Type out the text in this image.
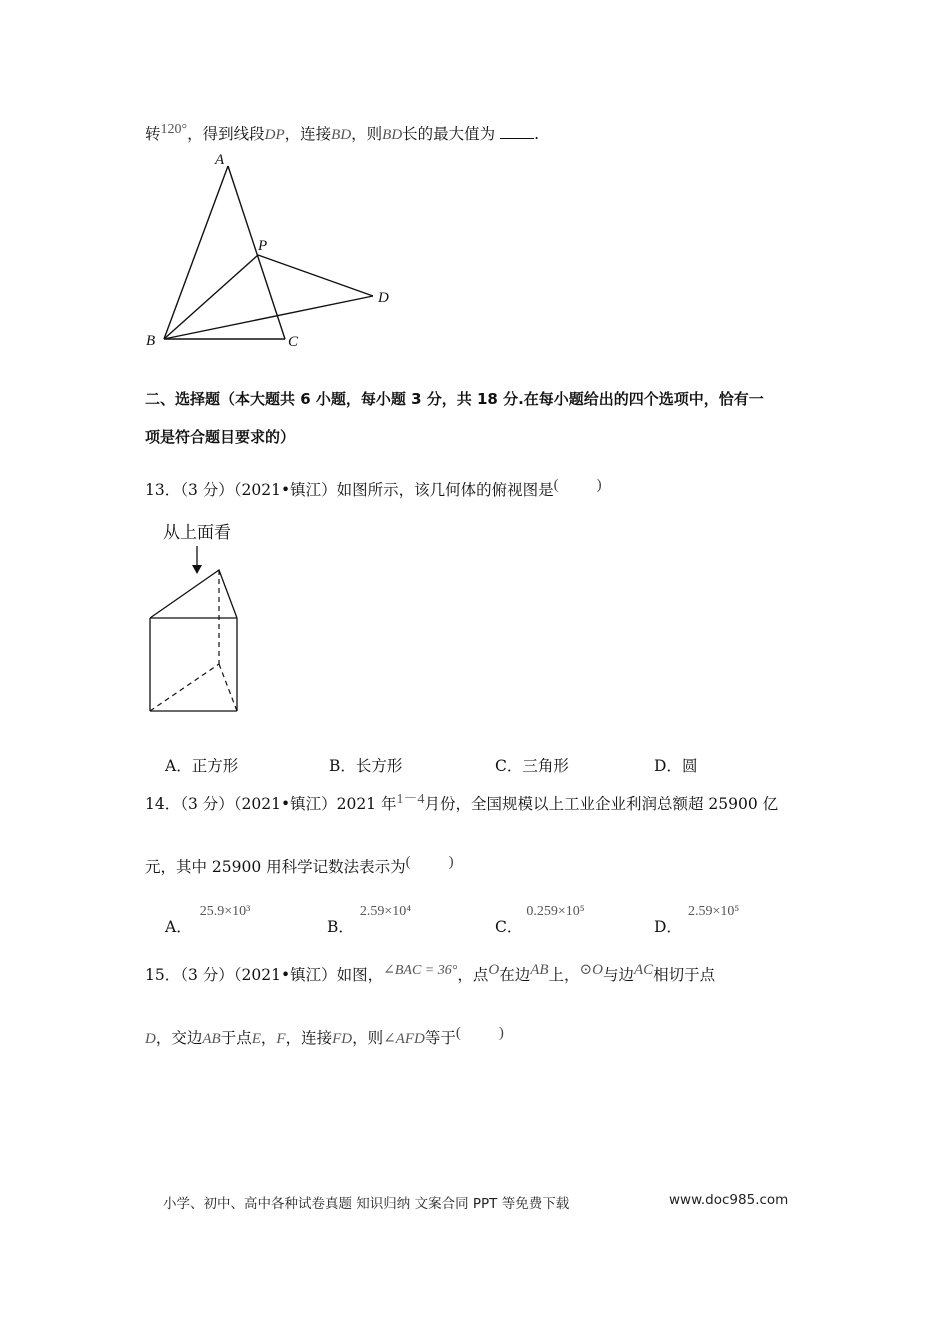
转$^{120^\circ}$，得到线段DP，连接BD，则BD长的最大值为	.
A
P
D
B	C
二、选择题（本大题共 6 小题，每小题 3 分，共 18 分.在每小题给出的四个选项中，恰有一
项是符合题目要求的）
13．（3 分）（2021•镇江）如图所示，该几何体的俯视图是(	)
从上面看
A．正方形	B．长方形	C．三角形	D．圆
14．（3 分）（2021•镇江）2021 年$^{1-4}$月份，全国规模以上工业企业利润总额超 25900 亿
元，其中 25900 用科学记数法表示为(	)
A．25.9×10³
B．2.59×10⁴
C．0.259×10⁵
D．2.59×10⁵
15．（3 分）（2021•镇江）如图，$^{\angle BAC = 36^\circ}$，点$^O$在边$^{AB}$上，$^{⊙O}$与边$^{AC}$相切于点
D，交边AB于点E，F，连接FD，则∠AFD等于(	)
小学、初中、高中各种试卷真题 知识归纳 文案合同 PPT 等免费下载	www.doc985.com
